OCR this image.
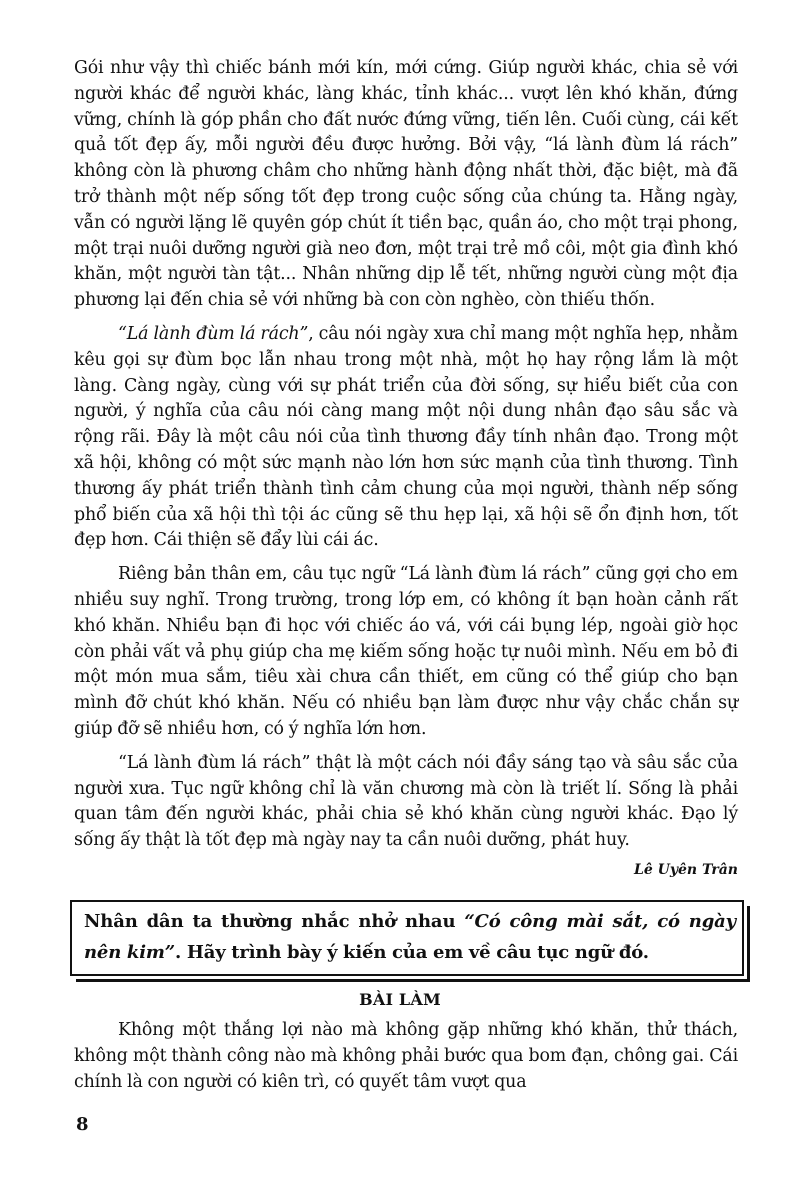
Gói như vậy thì chiếc bánh mới kín, mới cứng. Giúp người khác, chia sẻ với người khác để người khác, làng khác, tỉnh khác... vượt lên khó khăn, đứng vững, chính là góp phần cho đất nước đứng vững, tiến lên. Cuối cùng, cái kết quả tốt đẹp ấy, mỗi người đều được hưởng. Bởi vậy, “lá lành đùm lá rách” không còn là phương châm cho những hành động nhất thời, đặc biệt, mà đã trở thành một nếp sống tốt đẹp trong cuộc sống của chúng ta. Hằng ngày, vẫn có người lặng lẽ quyên góp chút ít tiền bạc, quần áo, cho một trại phong, một trại nuôi dưỡng người già neo đơn, một trại trẻ mồ côi, một gia đình khó khăn, một người tàn tật... Nhân những dịp lễ tết, những người cùng một địa phương lại đến chia sẻ với những bà con còn nghèo, còn thiếu thốn.

“Lá lành đùm lá rách”, câu nói ngày xưa chỉ mang một nghĩa hẹp, nhằm kêu gọi sự đùm bọc lẫn nhau trong một nhà, một họ hay rộng lắm là một làng. Càng ngày, cùng với sự phát triển của đời sống, sự hiểu biết của con người, ý nghĩa của câu nói càng mang một nội dung nhân đạo sâu sắc và rộng rãi. Đây là một câu nói của tình thương đầy tính nhân đạo. Trong một xã hội, không có một sức mạnh nào lớn hơn sức mạnh của tình thương. Tình thương ấy phát triển thành tình cảm chung của mọi người, thành nếp sống phổ biến của xã hội thì tội ác cũng sẽ thu hẹp lại, xã hội sẽ ổn định hơn, tốt đẹp hơn. Cái thiện sẽ đẩy lùi cái ác.

Riêng bản thân em, câu tục ngữ “Lá lành đùm lá rách” cũng gợi cho em nhiều suy nghĩ. Trong trường, trong lớp em, có không ít bạn hoàn cảnh rất khó khăn. Nhiều bạn đi học với chiếc áo vá, với cái bụng lép, ngoài giờ học còn phải vất vả phụ giúp cha mẹ kiếm sống hoặc tự nuôi mình. Nếu em bỏ đi một món mua sắm, tiêu xài chưa cần thiết, em cũng có thể giúp cho bạn mình đỡ chút khó khăn. Nếu có nhiều bạn làm được như vậy chắc chắn sự giúp đỡ sẽ nhiều hơn, có ý nghĩa lớn hơn.

“Lá lành đùm lá rách” thật là một cách nói đầy sáng tạo và sâu sắc của người xưa. Tục ngữ không chỉ là văn chương mà còn là triết lí. Sống là phải quan tâm đến người khác, phải chia sẻ khó khăn cùng người khác. Đạo lý sống ấy thật là tốt đẹp mà ngày nay ta cần nuôi dưỡng, phát huy.

Lê Uyên Trân

Nhân dân ta thường nhắc nhở nhau “Có công mài sắt, có ngày nên kim”. Hãy trình bày ý kiến của em về câu tục ngữ đó.

BÀI LÀM

Không một thắng lợi nào mà không gặp những khó khăn, thử thách, không một thành công nào mà không phải bước qua bom đạn, chông gai. Cái chính là con người có kiên trì, có quyết tâm vượt qua

8
